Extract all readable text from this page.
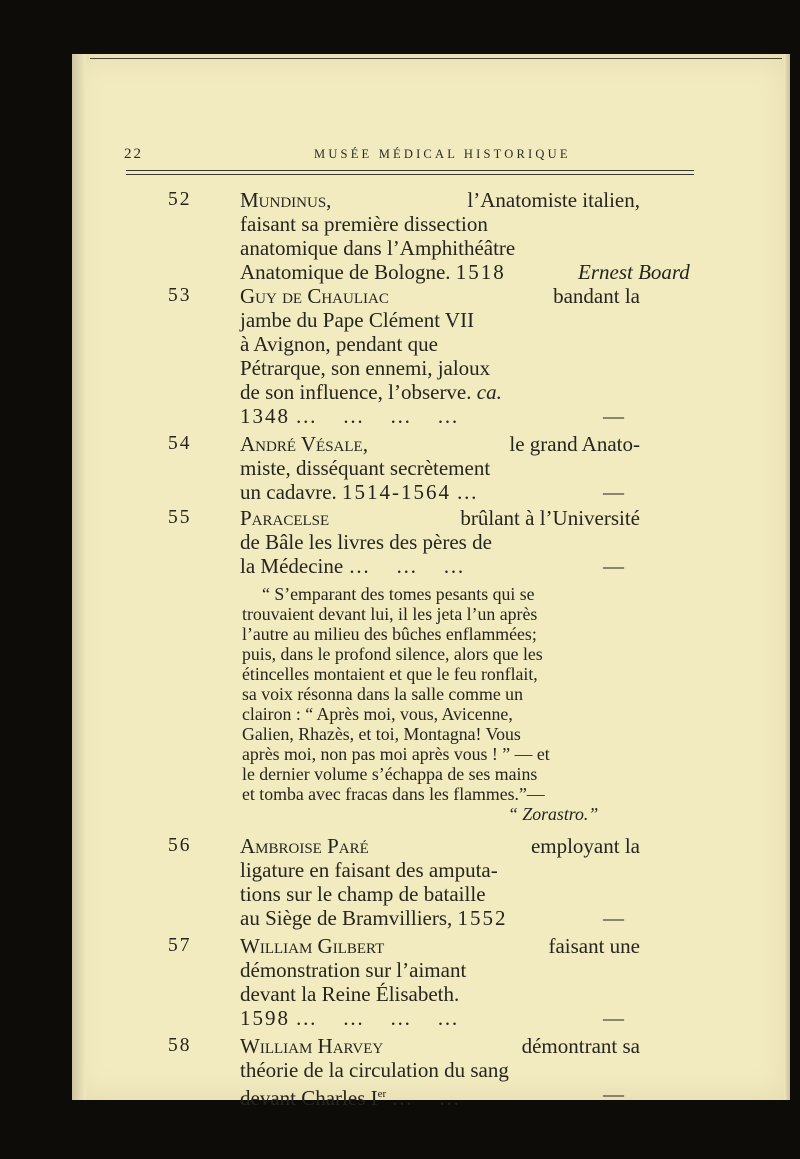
22	MUSÉE MÉDICAL HISTORIQUE
52 Mundinus,	l’Anatomiste italien,
faisant sa première dissection
anatomique dans l’Amphithéâtre
Anatomique de Bologne. 1518	Ernest Board
53 Guy de Chauliac	bandant la
jambe du Pape Clément VII
à Avignon, pendant que
Pétrarque, son ennemi, jaloux
de son influence, l’observe. ca.
1348 …     …     …     …	—
54 André Vésale,	le grand Anato-
miste, disséquant secrètement
un cadavre. 1514-1564 …	—
55 Paracelse	brûlant à l’Université
de Bâle les livres des pères de
la Médecine …     …     …	—
“ S’emparant des tomes pesants qui se
trouvaient devant lui, il les jeta l’un après
l’autre au milieu des bûches enflammées;
puis, dans le profond silence, alors que les
étincelles montaient et que le feu ronflait,
sa voix résonna dans la salle comme un
clairon : “ Après moi, vous, Avicenne,
Galien, Rhazès, et toi, Montagna! Vous
après moi, non pas moi après vous ! ” — et
le dernier volume s’échappa de ses mains
et tomba avec fracas dans les flammes.”—
“ Zorastro.”
56 Ambroise Paré	employant la
ligature en faisant des amputa-
tions sur le champ de bataille
au Siège de Bramvilliers, 1552	—
57 William Gilbert	faisant une
démonstration sur l’aimant
devant la Reine Élisabeth.
1598 …     …     …     …	—
58 William Harvey	démontrant sa
théorie de la circulation du sang
devant Charles Ier …     …	—
